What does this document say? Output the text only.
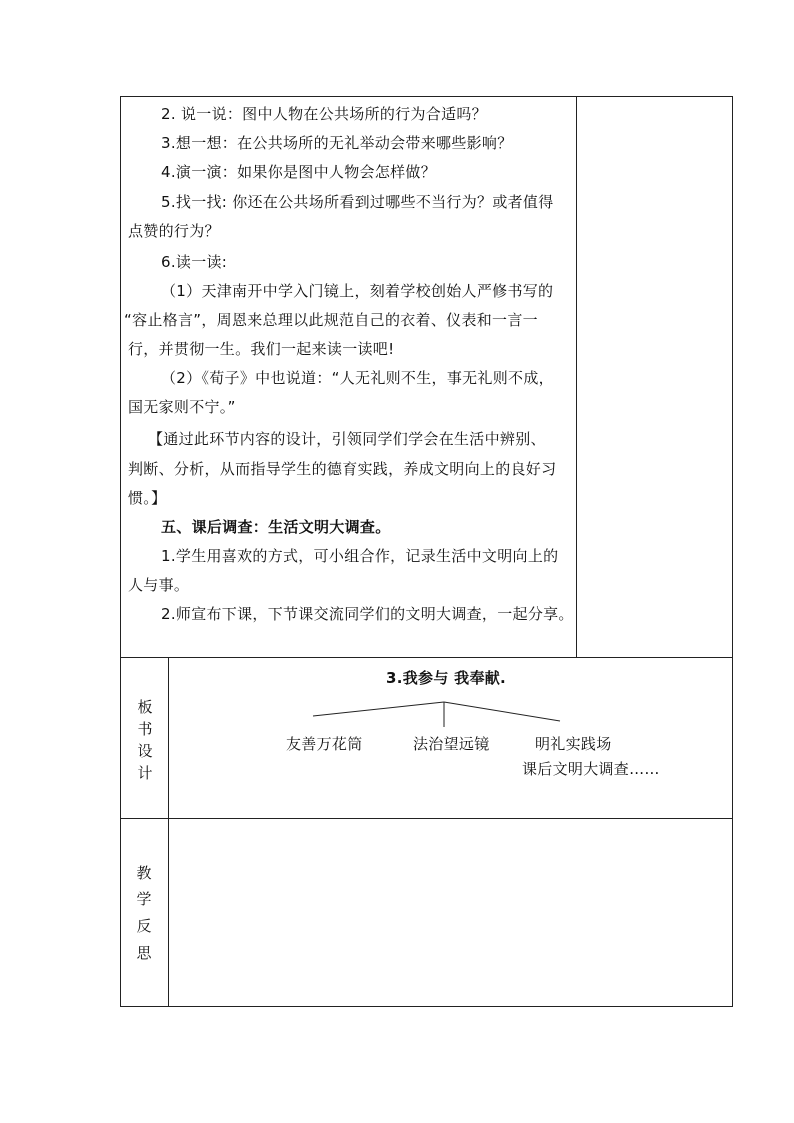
2. 说一说：图中人物在公共场所的行为合适吗？
3.想一想：在公共场所的无礼举动会带来哪些影响？
4.演一演：如果你是图中人物会怎样做？
5.找一找: 你还在公共场所看到过哪些不当行为？或者值得
点赞的行为？
6.读一读:
（1）天津南开中学入门镜上，刻着学校创始人严修书写的
“容止格言”，周恩来总理以此规范自己的衣着、仪表和一言一
行，并贯彻一生。我们一起来读一读吧!
（2）《荀子》中也说道：“人无礼则不生，事无礼则不成，
国无家则不宁。”
【通过此环节内容的设计，引领同学们学会在生活中辨别、
判断、分析，从而指导学生的德育实践，养成文明向上的良好习
惯。】
五、课后调查：生活文明大调查。
1.学生用喜欢的方式，可小组合作，记录生活中文明向上的
人与事。
2.师宣布下课，下节课交流同学们的文明大调查，一起分享。
板
书
设
计
3.我参与 我奉献.
友善万花筒	法治望远镜	明礼实践场
课后文明大调查……
教
学
反
思
